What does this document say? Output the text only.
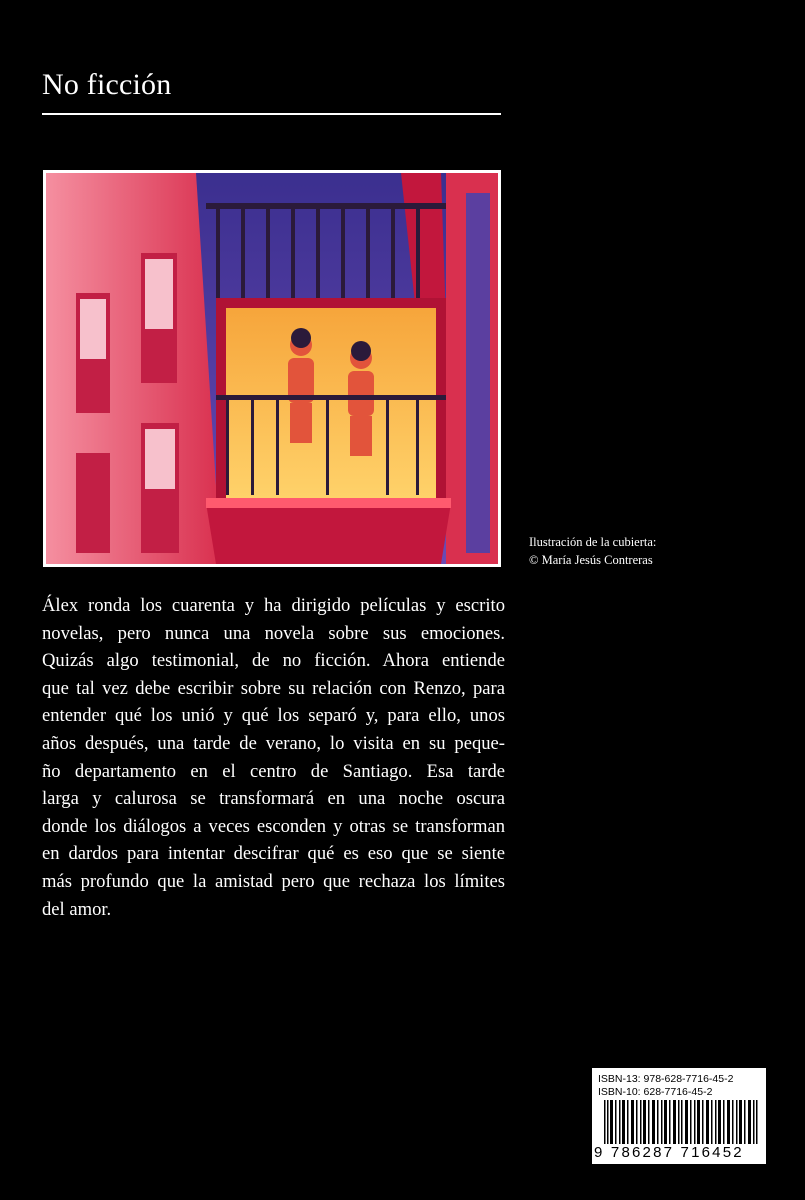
No ficción
Ilustración de la cubierta:
© María Jesús Contreras
Álex ronda los cuarenta y ha dirigido películas y escrito
novelas, pero nunca una novela sobre sus emociones.
Quizás algo testimonial, de no ficción. Ahora entiende
que tal vez debe escribir sobre su relación con Renzo, para
entender qué los unió y qué los separó y, para ello, unos
años después, una tarde de verano, lo visita en su peque-
ño departamento en el centro de Santiago. Esa tarde
larga y calurosa se transformará en una noche oscura
donde los diálogos a veces esconden y otras se transforman
en dardos para intentar descifrar qué es eso que se siente
más profundo que la amistad pero que rechaza los límites
del amor.
ISBN-13: 978-628-7716-45-2
ISBN-10: 628-7716-45-2
9 786287 716452
